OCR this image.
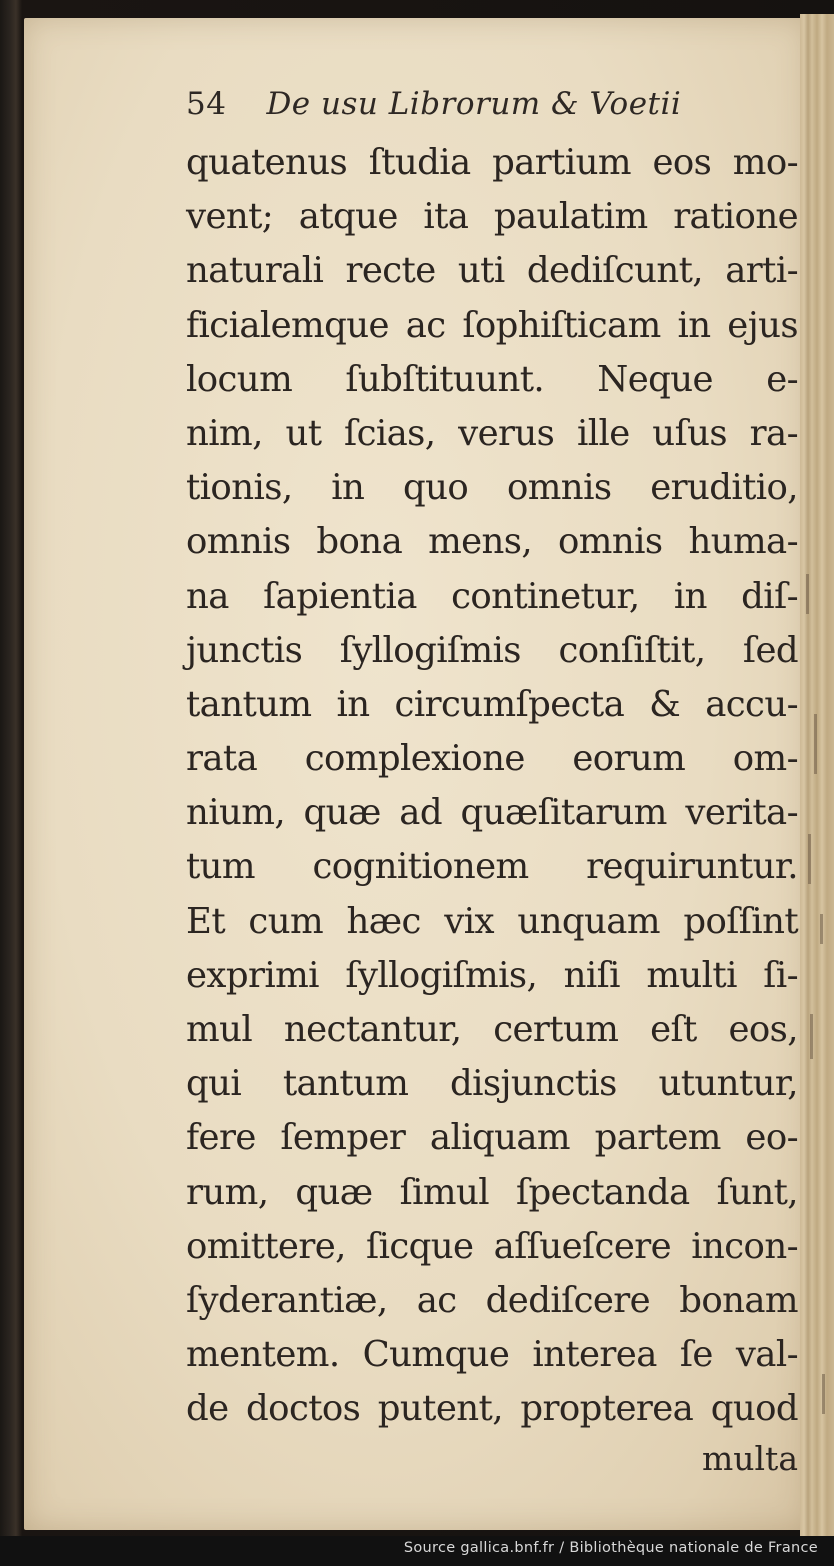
54 De usu Librorum & Voetii
quatenus ſtudia partium eos mo-
vent; atque ita paulatim ratione
naturali recte uti dediſcunt, arti-
ficialemque ac ſophiſticam in ejus
locum ſubſtituunt. Neque e-
nim, ut ſcias, verus ille uſus ra-
tionis, in quo omnis eruditio,
omnis bona mens, omnis huma-
na ſapientia continetur, in diſ-
junctis ſyllogiſmis conſiſtit, ſed
tantum in circumſpecta & accu-
rata complexione eorum om-
nium, quæ ad quæſitarum verita-
tum cognitionem requiruntur.
Et cum hæc vix unquam poſſint
exprimi ſyllogiſmis, niſi multi ſi-
mul nectantur, certum eſt eos,
qui tantum disjunctis utuntur,
fere ſemper aliquam partem eo-
rum, quæ ſimul ſpectanda ſunt,
omittere, ſicque aſſueſcere incon-
ſyderantiæ, ac dediſcere bonam
mentem. Cumque interea ſe val-
de doctos putent, propterea quod
multa
Source gallica.bnf.fr / Bibliothèque nationale de France
